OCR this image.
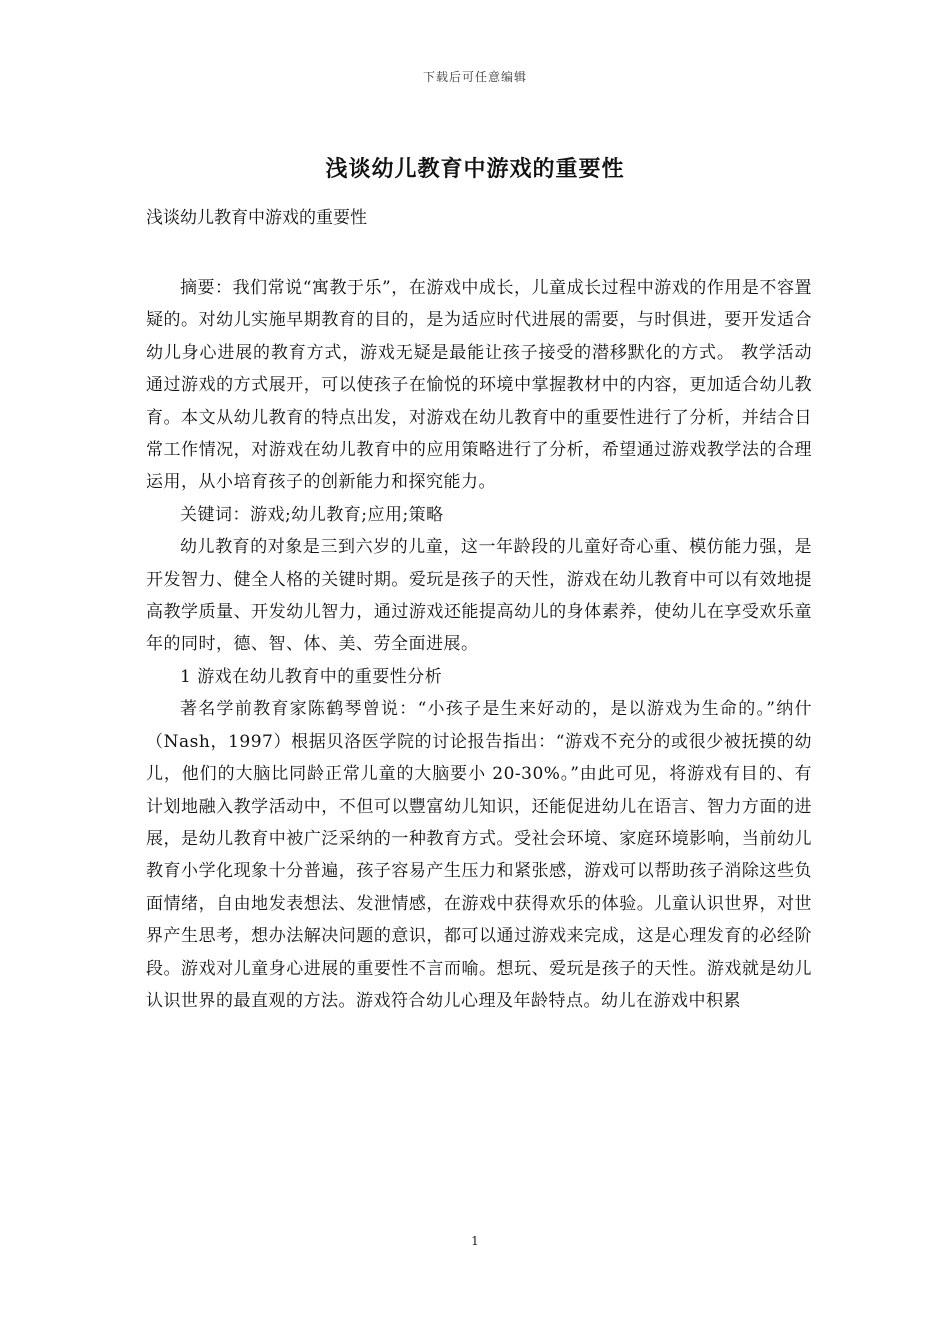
下载后可任意编辑
浅谈幼儿教育中游戏的重要性
浅谈幼儿教育中游戏的重要性

摘要：我们常说“寓教于乐”，在游戏中成长，儿童成长过程中游戏的作用是不容置疑的。对幼儿实施早期教育的目的，是为适应时代进展的需要，与时俱进，要开发适合幼儿身心进展的教育方式，游戏无疑是最能让孩子接受的潜移默化的方式。 教学活动通过游戏的方式展开，可以使孩子在愉悦的环境中掌握教材中的内容，更加适合幼儿教育。本文从幼儿教育的特点出发，对游戏在幼儿教育中的重要性进行了分析，并结合日常工作情况，对游戏在幼儿教育中的应用策略进行了分析，希望通过游戏教学法的合理运用，从小培育孩子的创新能力和探究能力。

关键词：游戏;幼儿教育;应用;策略

幼儿教育的对象是三到六岁的儿童，这一年龄段的儿童好奇心重、模仿能力强，是开发智力、健全人格的关键时期。爱玩是孩子的天性，游戏在幼儿教育中可以有效地提高教学质量、开发幼儿智力，通过游戏还能提高幼儿的身体素养，使幼儿在享受欢乐童年的同时，德、智、体、美、劳全面进展。

1 游戏在幼儿教育中的重要性分析

著名学前教育家陈鹤琴曾说：“小孩子是生来好动的，是以游戏为生命的。”纳什（Nash，1997）根据贝洛医学院的讨论报告指出：“游戏不充分的或很少被抚摸的幼儿，他们的大脑比同龄正常儿童的大脑要小 20-30%。”由此可见，将游戏有目的、有计划地融入教学活动中，不但可以豐富幼儿知识，还能促进幼儿在语言、智力方面的进展，是幼儿教育中被广泛采纳的一种教育方式。受社会环境、家庭环境影响，当前幼儿教育小学化现象十分普遍，孩子容易产生压力和紧张感，游戏可以帮助孩子消除这些负面情绪，自由地发表想法、发泄情感，在游戏中获得欢乐的体验。儿童认识世界，对世界产生思考，想办法解决问题的意识，都可以通过游戏来完成，这是心理发育的必经阶段。游戏对儿童身心进展的重要性不言而喻。想玩、爱玩是孩子的天性。游戏就是幼儿认识世界的最直观的方法。游戏符合幼儿心理及年龄特点。幼儿在游戏中积累

1
